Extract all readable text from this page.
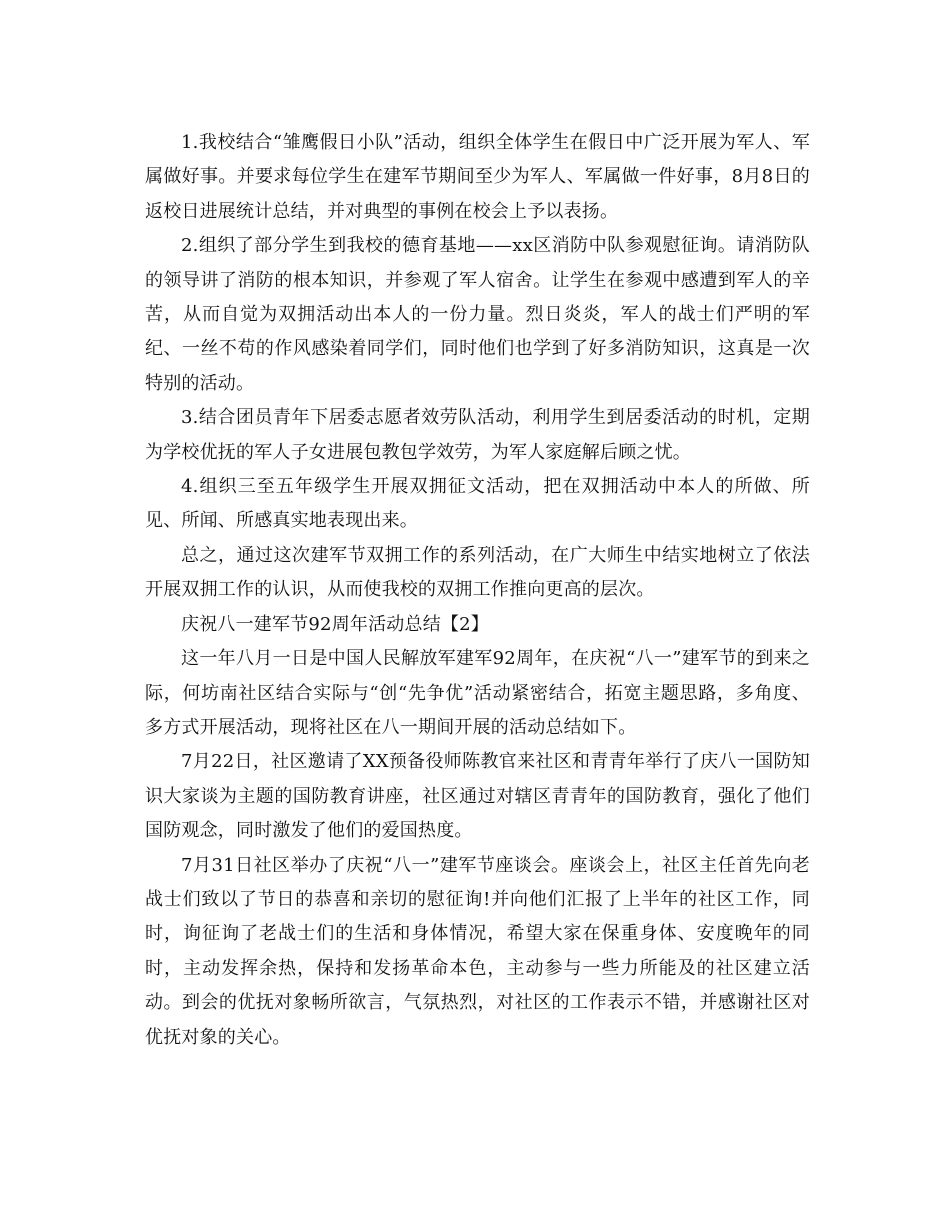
1.我校结合“雏鹰假日小队”活动，组织全体学生在假日中广泛开展为军人、军属做好事。并要求每位学生在建军节期间至少为军人、军属做一件好事，8月8日的返校日进展统计总结，并对典型的事例在校会上予以表扬。

2.组织了部分学生到我校的德育基地——xx区消防中队参观慰征询。请消防队的领导讲了消防的根本知识，并参观了军人宿舍。让学生在参观中感遭到军人的辛苦，从而自觉为双拥活动出本人的一份力量。烈日炎炎，军人的战士们严明的军纪、一丝不苟的作风感染着同学们，同时他们也学到了好多消防知识，这真是一次特别的活动。

3.结合团员青年下居委志愿者效劳队活动，利用学生到居委活动的时机，定期为学校优抚的军人子女进展包教包学效劳，为军人家庭解后顾之忧。

4.组织三至五年级学生开展双拥征文活动，把在双拥活动中本人的所做、所见、所闻、所感真实地表现出来。

总之，通过这次建军节双拥工作的系列活动，在广大师生中结实地树立了依法开展双拥工作的认识，从而使我校的双拥工作推向更高的层次。

庆祝八一建军节92周年活动总结【2】

这一年八月一日是中国人民解放军建军92周年，在庆祝“八一”建军节的到来之际，何坊南社区结合实际与“创“先争优”活动紧密结合，拓宽主题思路，多角度、多方式开展活动，现将社区在八一期间开展的活动总结如下。

7月22日，社区邀请了XX预备役师陈教官来社区和青青年举行了庆八一国防知识大家谈为主题的国防教育讲座，社区通过对辖区青青年的国防教育，强化了他们国防观念，同时激发了他们的爱国热度。

7月31日社区举办了庆祝“八一”建军节座谈会。座谈会上，社区主任首先向老战士们致以了节日的恭喜和亲切的慰征询!并向他们汇报了上半年的社区工作，同时，询征询了老战士们的生活和身体情况，希望大家在保重身体、安度晚年的同时，主动发挥余热，保持和发扬革命本色，主动参与一些力所能及的社区建立活动。到会的优抚对象畅所欲言，气氛热烈，对社区的工作表示不错，并感谢社区对优抚对象的关心。
